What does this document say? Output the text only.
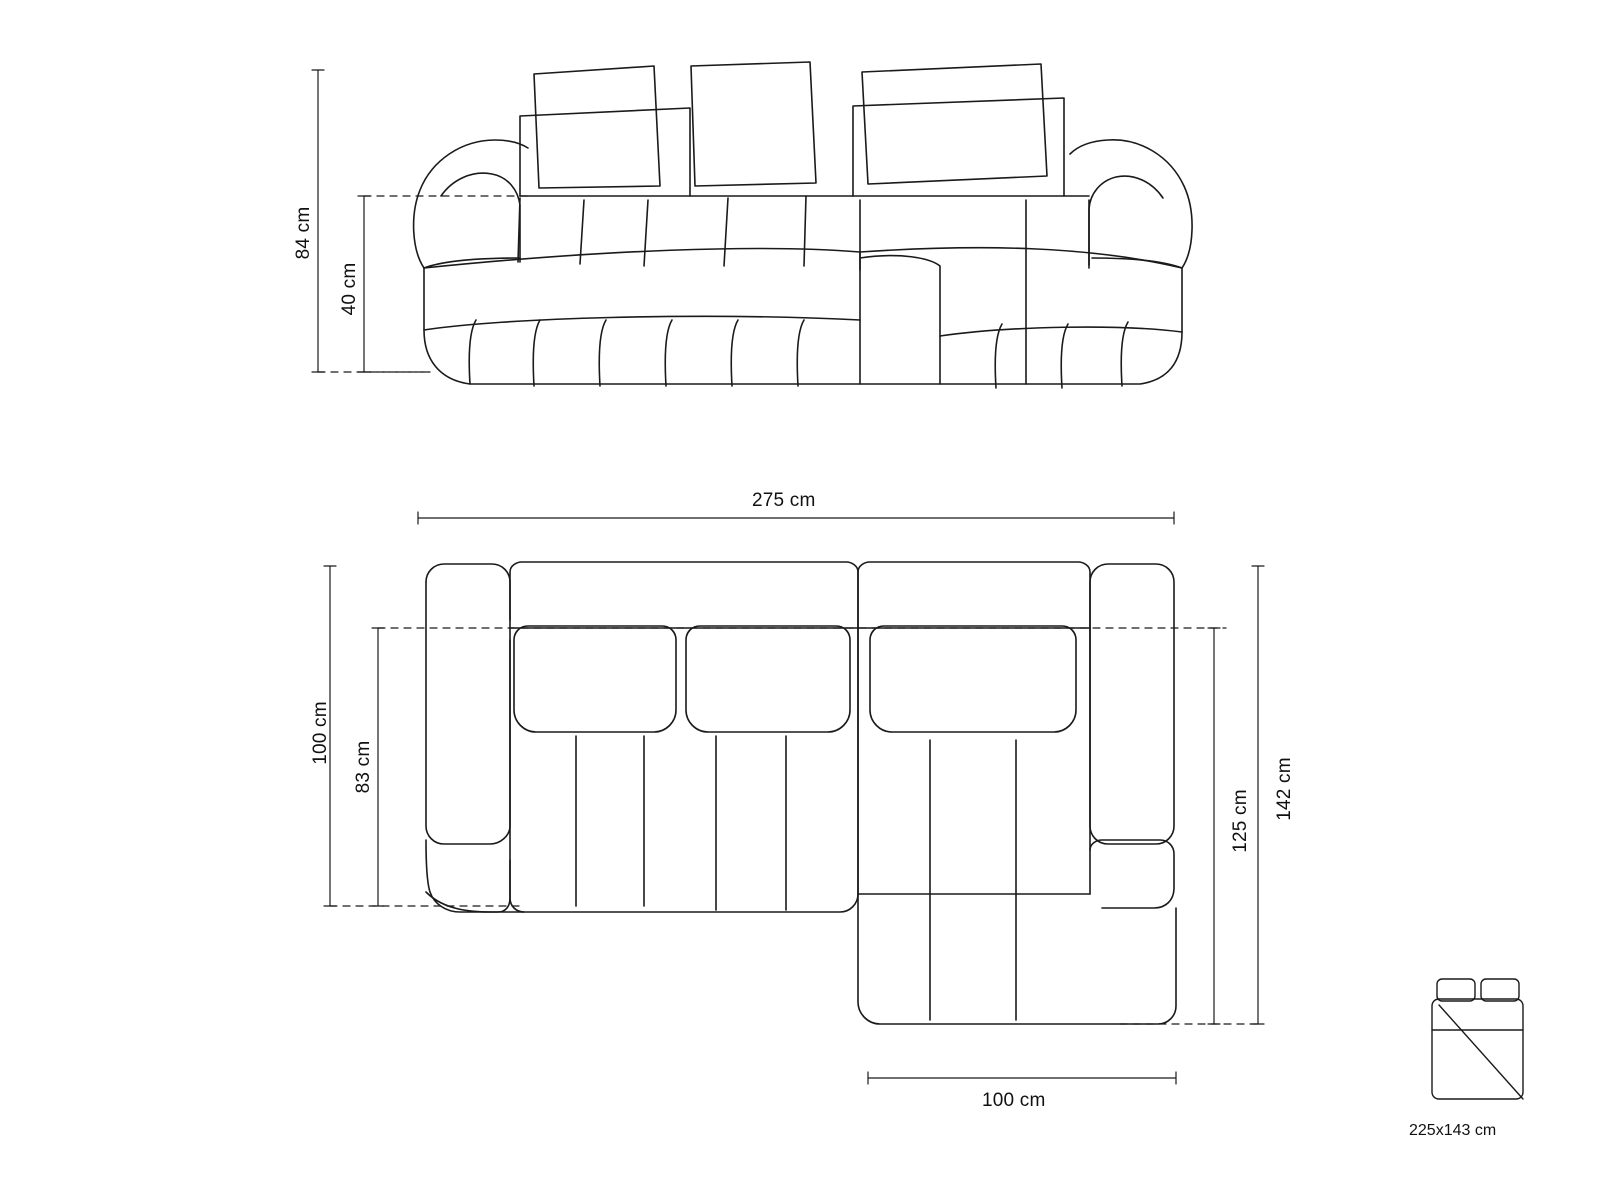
84 cm
40 cm
275 cm
100 cm
83 cm	142 cm
125 cm
100 cm
225x143 cm
